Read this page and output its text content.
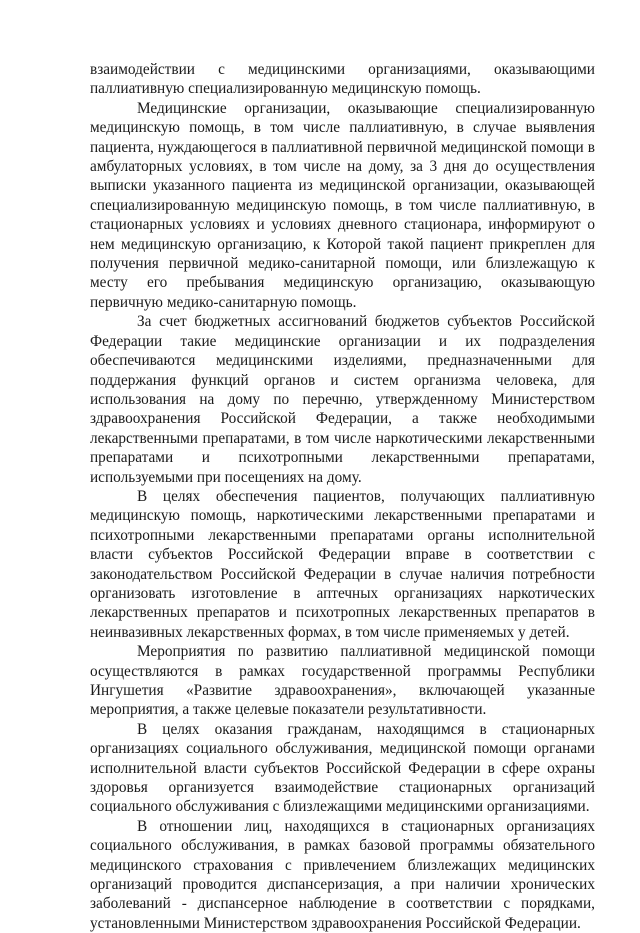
взаимодействии с медицинскими организациями, оказывающими паллиативную специализированную медицинскую помощь.

Медицинские организации, оказывающие специализированную медицинскую помощь, в том числе паллиативную, в случае выявления пациента, нуждающегося в паллиативной первичной медицинской помощи в амбулаторных условиях, в том числе на дому, за 3 дня до осуществления выписки указанного пациента из медицинской организации, оказывающей специализированную медицинскую помощь, в том числе паллиативную, в стационарных условиях и условиях дневного стационара, информируют о нем медицинскую организацию, к Которой такой пациент прикреплен для получения первичной медико-санитарной помощи, или близлежащую к месту его пребывания медицинскую организацию, оказывающую первичную медико-санитарную помощь.

За счет бюджетных ассигнований бюджетов субъектов Российской Федерации такие медицинские организации и их подразделения обеспечиваются медицинскими изделиями, предназначенными для поддержания функций органов и систем организма человека, для использования на дому по перечню, утвержденному Министерством здравоохранения Российской Федерации, а также необходимыми лекарственными препаратами, в том числе наркотическими лекарственными препаратами и психотропными лекарственными препаратами, используемыми при посещениях на дому.

В целях обеспечения пациентов, получающих паллиативную медицинскую помощь, наркотическими лекарственными препаратами и психотропными лекарственными препаратами органы исполнительной власти субъектов Российской Федерации вправе в соответствии с законодательством Российской Федерации в случае наличия потребности организовать изготовление в аптечных организациях наркотических лекарственных препаратов и психотропных лекарственных препаратов в неинвазивных лекарственных формах, в том числе применяемых у детей.

Мероприятия по развитию паллиативной медицинской помощи осуществляются в рамках государственной программы Республики Ингушетия «Развитие здравоохранения», включающей указанные мероприятия, а также целевые показатели результативности.

В целях оказания гражданам, находящимся в стационарных организациях социального обслуживания, медицинской помощи органами исполнительной власти субъектов Российской Федерации в сфере охраны здоровья организуется взаимодействие стационарных организаций социального обслуживания с близлежащими медицинскими организациями.

В отношении лиц, находящихся в стационарных организациях социального обслуживания, в рамках базовой программы обязательного медицинского страхования с привлечением близлежащих медицинских организаций проводится диспансеризация, а при наличии хронических заболеваний - диспансерное наблюдение в соответствии с порядками, установленными Министерством здравоохранения Российской Федерации.
